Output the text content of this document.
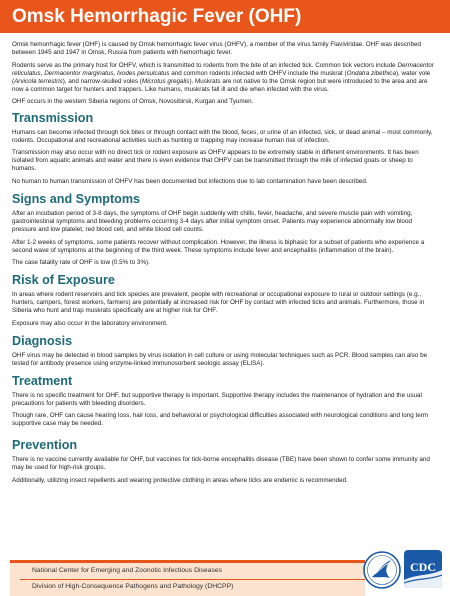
Omsk Hemorrhagic Fever (OHF)

Omsk hemorrhagic fever (OHF) is caused by Omsk hemorrhagic fever virus (OHFV), a member of the virus family Flaviviridae. OHF was described between 1945 and 1947 in Omsk, Russia from patients with hemorrhagic fever.

Rodents serve as the primary host for OHFV, which is transmitted to rodents from the bite of an infected tick. Common tick vectors include Dermacentor reticulatus, Dermacentor marginatus, Ixodes persulcatus and common rodents infected with OHFV include the muskrat (Ondatra zibethica), water vole (Arvicola terrestris), and narrow-skulled voles (Microtus gregalis). Muskrats are not native to the Omsk region but were introduced to the area and are now a common target for hunters and trappers. Like humans, muskrats fall ill and die when infected with the virus.

OHF occurs in the western Siberia regions of Omsk, Novosibirsk, Kurgan and Tyumen.

Transmission

Humans can become infected through tick bites or through contact with the blood, feces, or urine of an infected, sick, or dead animal – most commonly, rodents. Occupational and recreational activities such as hunting or trapping may increase human risk of infection.

Transmission may also occur with no direct tick or rodent exposure as OHFV appears to be extremely stable in different environments. It has been isolated from aquatic animals and water and there is even evidence that OHFV can be transmitted through the milk of infected goats or sheep to humans.

No human to human transmission of OHFV has been documented but infections due to lab contamination have been described.

Signs and Symptoms

After an incubation period of 3-8 days, the symptoms of OHF begin suddenly with chills, fever, headache, and severe muscle pain with vomiting, gastrointestinal symptoms and bleeding problems occurring 3-4 days after initial symptom onset. Patients may experience abnormally low blood pressure and low platelet, red blood cell, and white blood cell counts.

After 1-2 weeks of symptoms, some patients recover without complication. However, the illness is biphasic for a subset of patients who experience a second wave of symptoms at the beginning of the third week. These symptoms include fever and encephalitis (inflammation of the brain).

The case fatality rate of OHF is low (0.5% to 3%).

Risk of Exposure

In areas where rodent reservoirs and tick species are prevalent, people with recreational or occupational exposure to rural or outdoor settings (e.g., hunters, campers, forest workers, farmers) are potentially at increased risk for OHF by contact with infected ticks and animals. Furthermore, those in Siberia who hunt and trap muskrats specifically are at higher risk for OHF.

Exposure may also occur in the laboratory environment.

Diagnosis

OHF virus may be detected in blood samples by virus isolation in cell culture or using molecular techniques such as PCR. Blood samples can also be tested for antibody presence using enzyme-linked immunosorbent seologic assay (ELISA).

Treatment

There is no specific treatment for OHF, but supportive therapy is important. Supportive therapy includes the maintenance of hydration and the usual precautions for patients with bleeding disorders.

Though rare, OHF can cause hearing loss, hair loss, and behavioral or psychological difficulties associated with neurological conditions and long term supportive case may be needed.

Prevention

There is no vaccine currently available for OHF, but vaccines for tick-borne encephalitis disease (TBE) have been shown to confer some immunity and may be used for high-risk groups.

Additionally, utilizing insect repellents and wearing protective clothing in areas where ticks are endemic is recommended.

National Center for Emerging and Zoonotic Infectious Diseases
Division of High-Consequence Pathogens and Pathology (DHCPP)
CDC
